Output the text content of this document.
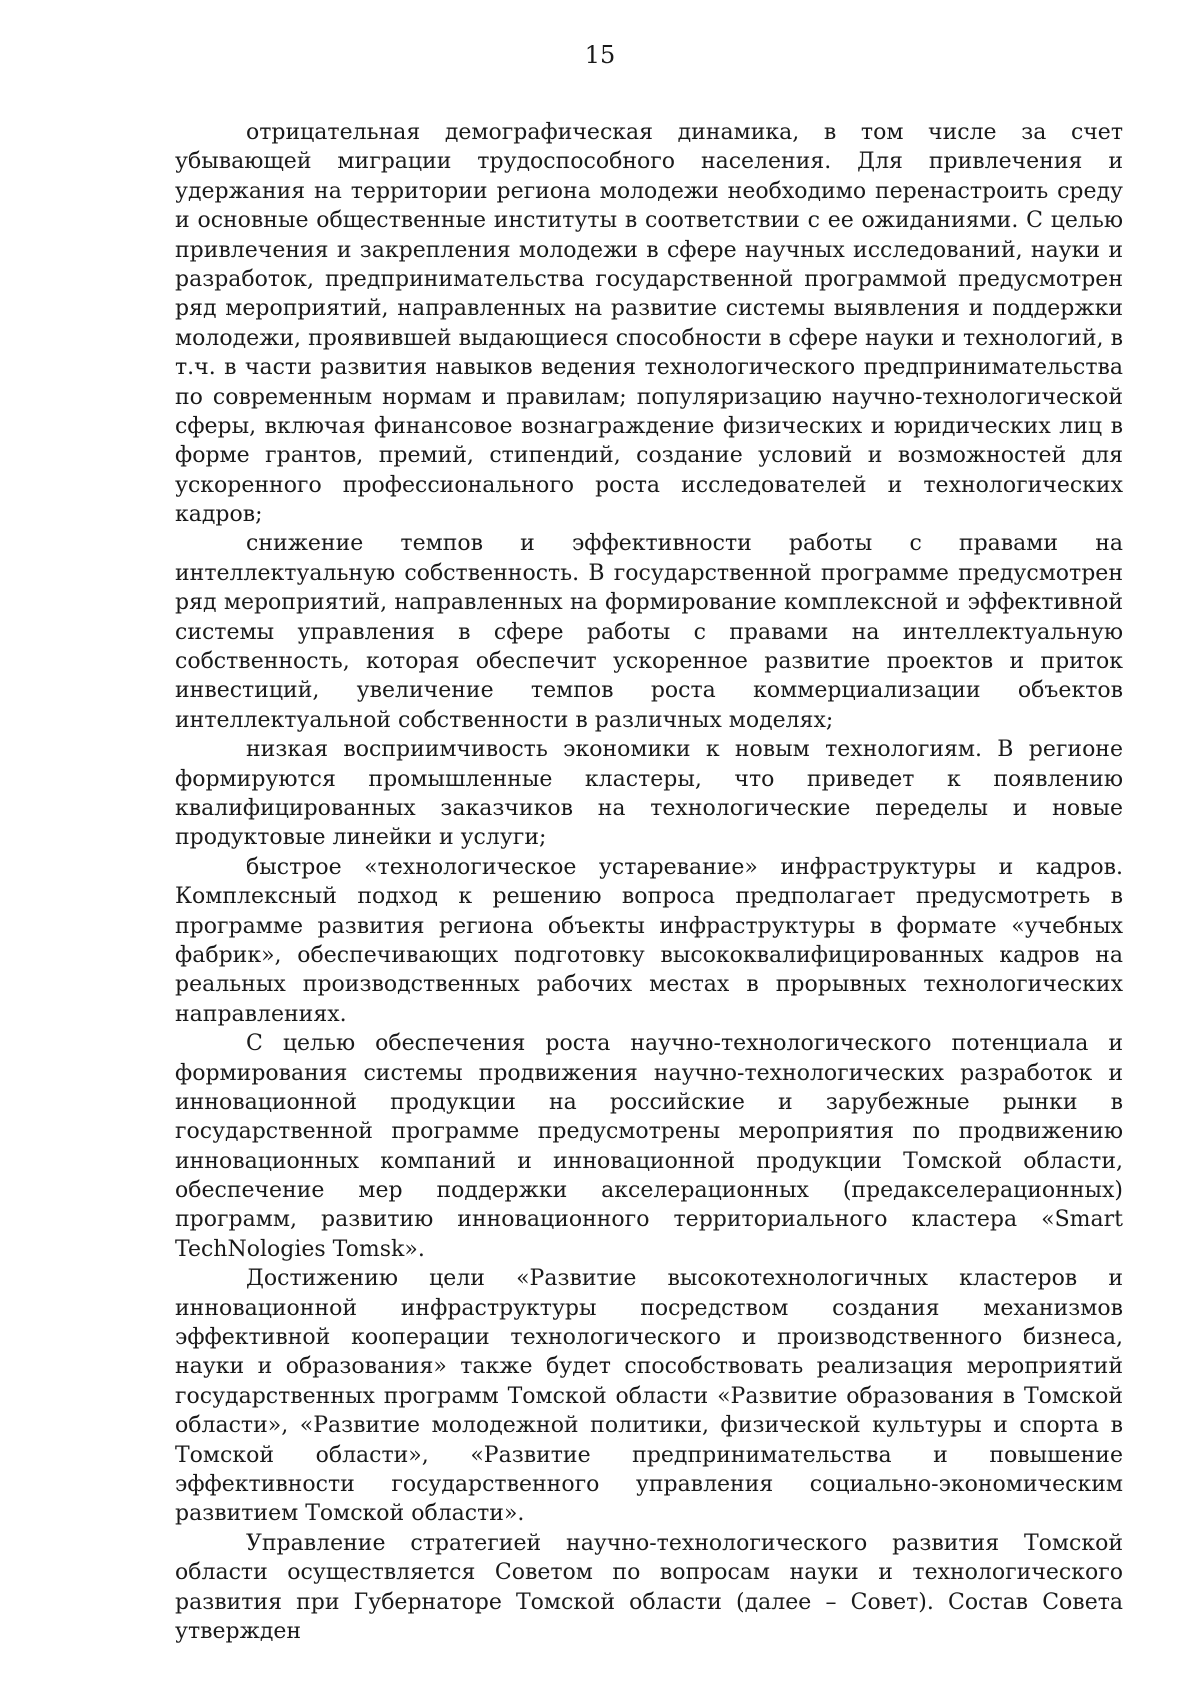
15

отрицательная демографическая динамика, в том числе за счет убывающей миграции трудоспособного населения. Для привлечения и удержания на территории региона молодежи необходимо перенастроить среду и основные общественные институты в соответствии с ее ожиданиями. С целью привлечения и закрепления молодежи в сфере научных исследований, науки и разработок, предпринимательства государственной программой предусмотрен ряд мероприятий, направленных на развитие системы выявления и поддержки молодежи, проявившей выдающиеся способности в сфере науки и технологий, в т.ч. в части развития навыков ведения технологического предпринимательства по современным нормам и правилам; популяризацию научно-технологической сферы, включая финансовое вознаграждение физических и юридических лиц в форме грантов, премий, стипендий, создание условий и возможностей для ускоренного профессионального роста исследователей и технологических кадров;

снижение темпов и эффективности работы с правами на интеллектуальную собственность. В государственной программе предусмотрен ряд мероприятий, направленных на формирование комплексной и эффективной системы управления в сфере работы с правами на интеллектуальную собственность, которая обеспечит ускоренное развитие проектов и приток инвестиций, увеличение темпов роста коммерциализации объектов интеллектуальной собственности в различных моделях;

низкая восприимчивость экономики к новым технологиям. В регионе формируются промышленные кластеры, что приведет к появлению квалифицированных заказчиков на технологические переделы и новые продуктовые линейки и услуги;

быстрое «технологическое устаревание» инфраструктуры и кадров. Комплексный подход к решению вопроса предполагает предусмотреть в программе развития региона объекты инфраструктуры в формате «учебных фабрик», обеспечивающих подготовку высококвалифицированных кадров на реальных производственных рабочих местах в прорывных технологических направлениях.

С целью обеспечения роста научно-технологического потенциала и формирования системы продвижения научно-технологических разработок и инновационной продукции на российские и зарубежные рынки в государственной программе предусмотрены мероприятия по продвижению инновационных компаний и инновационной продукции Томской области, обеспечение мер поддержки акселерационных (предакселерационных) программ, развитию инновационного территориального кластера «Smart TechNologies Tomsk».

Достижению цели «Развитие высокотехнологичных кластеров и инновационной инфраструктуры посредством создания механизмов эффективной кооперации технологического и производственного бизнеса, науки и образования» также будет способствовать реализация мероприятий государственных программ Томской области «Развитие образования в Томской области», «Развитие молодежной политики, физической культуры и спорта в Томской области», «Развитие предпринимательства и повышение эффективности государственного управления социально-экономическим развитием Томской области».

Управление стратегией научно-технологического развития Томской области осуществляется Советом по вопросам науки и технологического развития при Губернаторе Томской области (далее – Совет). Состав Совета утвержден
